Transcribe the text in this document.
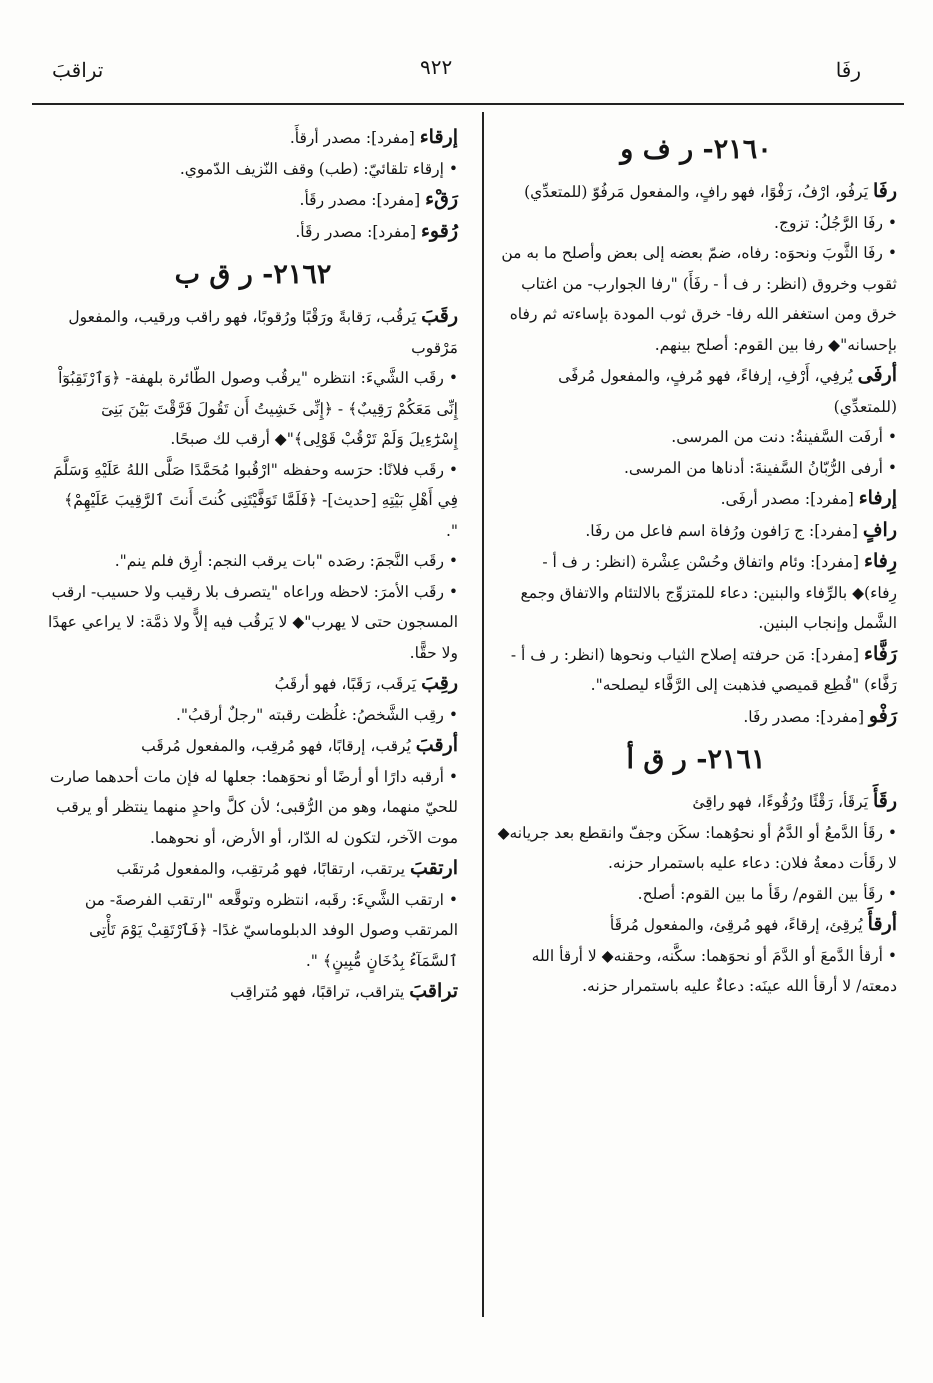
تراقبَ	٩٢٢	رفَا
٢١٦٠- ر ف و
رفَا يَرفُو، ارْفُ، رَفْوًا، فهو رافٍ، والمفعول مَرفُوّ (للمتعدِّي)
• رفَا الرَّجُلُ: تزوج.
• رفَا الثَّوبَ ونحوَه: رفاه، ضمّ بعضه إلى بعض وأصلح ما به من ثقوب وخروق (انظر: ر ف أ - رفَأَ) "رفا الجوارب- من اغتاب خرق ومن استغفر الله رفا- خرق ثوب المودة بإساءته ثم رفاه بإحسانه"◆ رفا بين القوم: أصلح بينهم.
أرفَى يُرفِي، أَرْفِ، إرفاءً، فهو مُرفٍ، والمفعول مُرفًى (للمتعدِّي)
• أرفَت السَّفينةُ: دنت من المرسى.
• أرفى الرُّبّانُ السَّفينةَ: أدناها من المرسى.
إرفاء [مفرد]: مصدر أرفَى.
رافٍ [مفرد]: ج رَافون ورُفاة اسم فاعل من رفَا.
رِفاء [مفرد]: وئام واتفاق وحُسْن عِشْرة (انظر: ر ف أ - رِفاء)◆ بالرِّفاء والبنين: دعاء للمتزوِّج بالالتئام والاتفاق وجمع الشَّمل وإنجاب البنين.
رَفَّاء [مفرد]: مَن حرفته إصلاح الثياب ونحوها (انظر: ر ف أ - رَفَّاء) "قُطِع قميصي فذهبت إلى الرَّفَّاء ليصلحه".
رَفْو [مفرد]: مصدر رفَا.
٢١٦١- ر ق أ
رقَأَ يَرقَأ، رَقْئًا ورُقُوءًا، فهو راقِئ
• رقَأ الدَّمعُ أو الدَّمُ أو نحوُهما: سكَن وجفّ وانقطع بعد جريانه◆ لا رقَأت دمعةُ فلان: دعاء عليه باستمرار حزنه.
• رقَأ بين القوم/ رقَأ ما بين القوم: أصلح.
أرقأَ يُرقِئ، إرقاءً، فهو مُرقِئ، والمفعول مُرقَأ
• أرقأ الدَّمعَ أو الدَّمَ أو نحوَهما: سكَّنه، وحقنه◆ لا أرقأ الله دمعته/ لا أرقأ الله عينَه: دعاءٌ عليه باستمرار حزنه.
إرقاء [مفرد]: مصدر أرقأَ.
• إرقاء تلقائيّ: (طب) وقف النّزيف الدّموي.
رَقْء [مفرد]: مصدر رقَأ.
رُقوء [مفرد]: مصدر رقَأ.
٢١٦٢- ر ق ب
رقَبَ يَرقُب، رَقابةً ورَقْبًا ورُقوبًا، فهو راقب ورقيب، والمفعول مَرْقوب
• رقَب الشَّيءَ: انتظره "يرقُب وصول الطّائرة بلهفة- ﴿وَٱرْتَقِبُوٓاْ إِنِّى مَعَكُمْ رَقِيبٌ﴾ - ﴿إِنِّى خَشِيتُ أَن تَقُولَ فَرَّقْتَ بَيْنَ بَنِىٓ إِسْرَٰٓءِيلَ وَلَمْ تَرْقُبْ قَوْلِى﴾"◆ أرقب لك صبحًا.
• رقَب فلانًا: حرَسه وحفظه "ارْقُبوا مُحَمَّدًا صَلَّى اللهُ عَلَيْهِ وَسَلَّمَ فِي أَهْلِ بَيْتِهِ [حديث]- ﴿فَلَمَّا تَوَفَّيْتَنِى كُنتَ أَنتَ ٱلرَّقِيبَ عَلَيْهِمْ﴾ ".
• رقَب النَّجمَ: رصَده "بات يرقب النجم: أرِق فلم ينم".
• رقَب الأمرَ: لاحظه وراعاه "يتصرف بلا رقيب ولا حسيب- ارقب المسجون حتى لا يهرب"◆ لا يَرقُب فيه إلاًّ ولا ذمَّة: لا يراعي عهدًا ولا حقًّا.
رقِبَ يَرقَب، رَقَبًا، فهو أرقَبُ
• رقِب الشَّخصُ: غلُظت رقبته "رجلٌ أرقبُ".
أرقبَ يُرقب، إرقابًا، فهو مُرقِب، والمفعول مُرقَب
• أرقبه دارًا أو أرضًا أو نحوَهما: جعلها له فإن مات أحدهما صارت للحيّ منهما، وهو من الرُّقبى؛ لأن كلَّ واحدٍ منهما ينتظر أو يرقب موت الآخر، لتكون له الدّار، أو الأرض، أو نحوهما.
ارتقبَ يرتقب، ارتقابًا، فهو مُرتقِب، والمفعول مُرتقَب
• ارتقب الشَّيءَ: رقَبه، انتظره وتوقَّعه "ارتقب الفرصةَ- من المرتقب وصول الوفد الدبلوماسيّ غدًا- ﴿فَٱرْتَقِبْ يَوْمَ تَأْتِى ٱلسَّمَآءُ بِدُخَانٍ مُّبِينٍ﴾ ".
تراقبَ يتراقب، تراقبًا، فهو مُتراقِب
